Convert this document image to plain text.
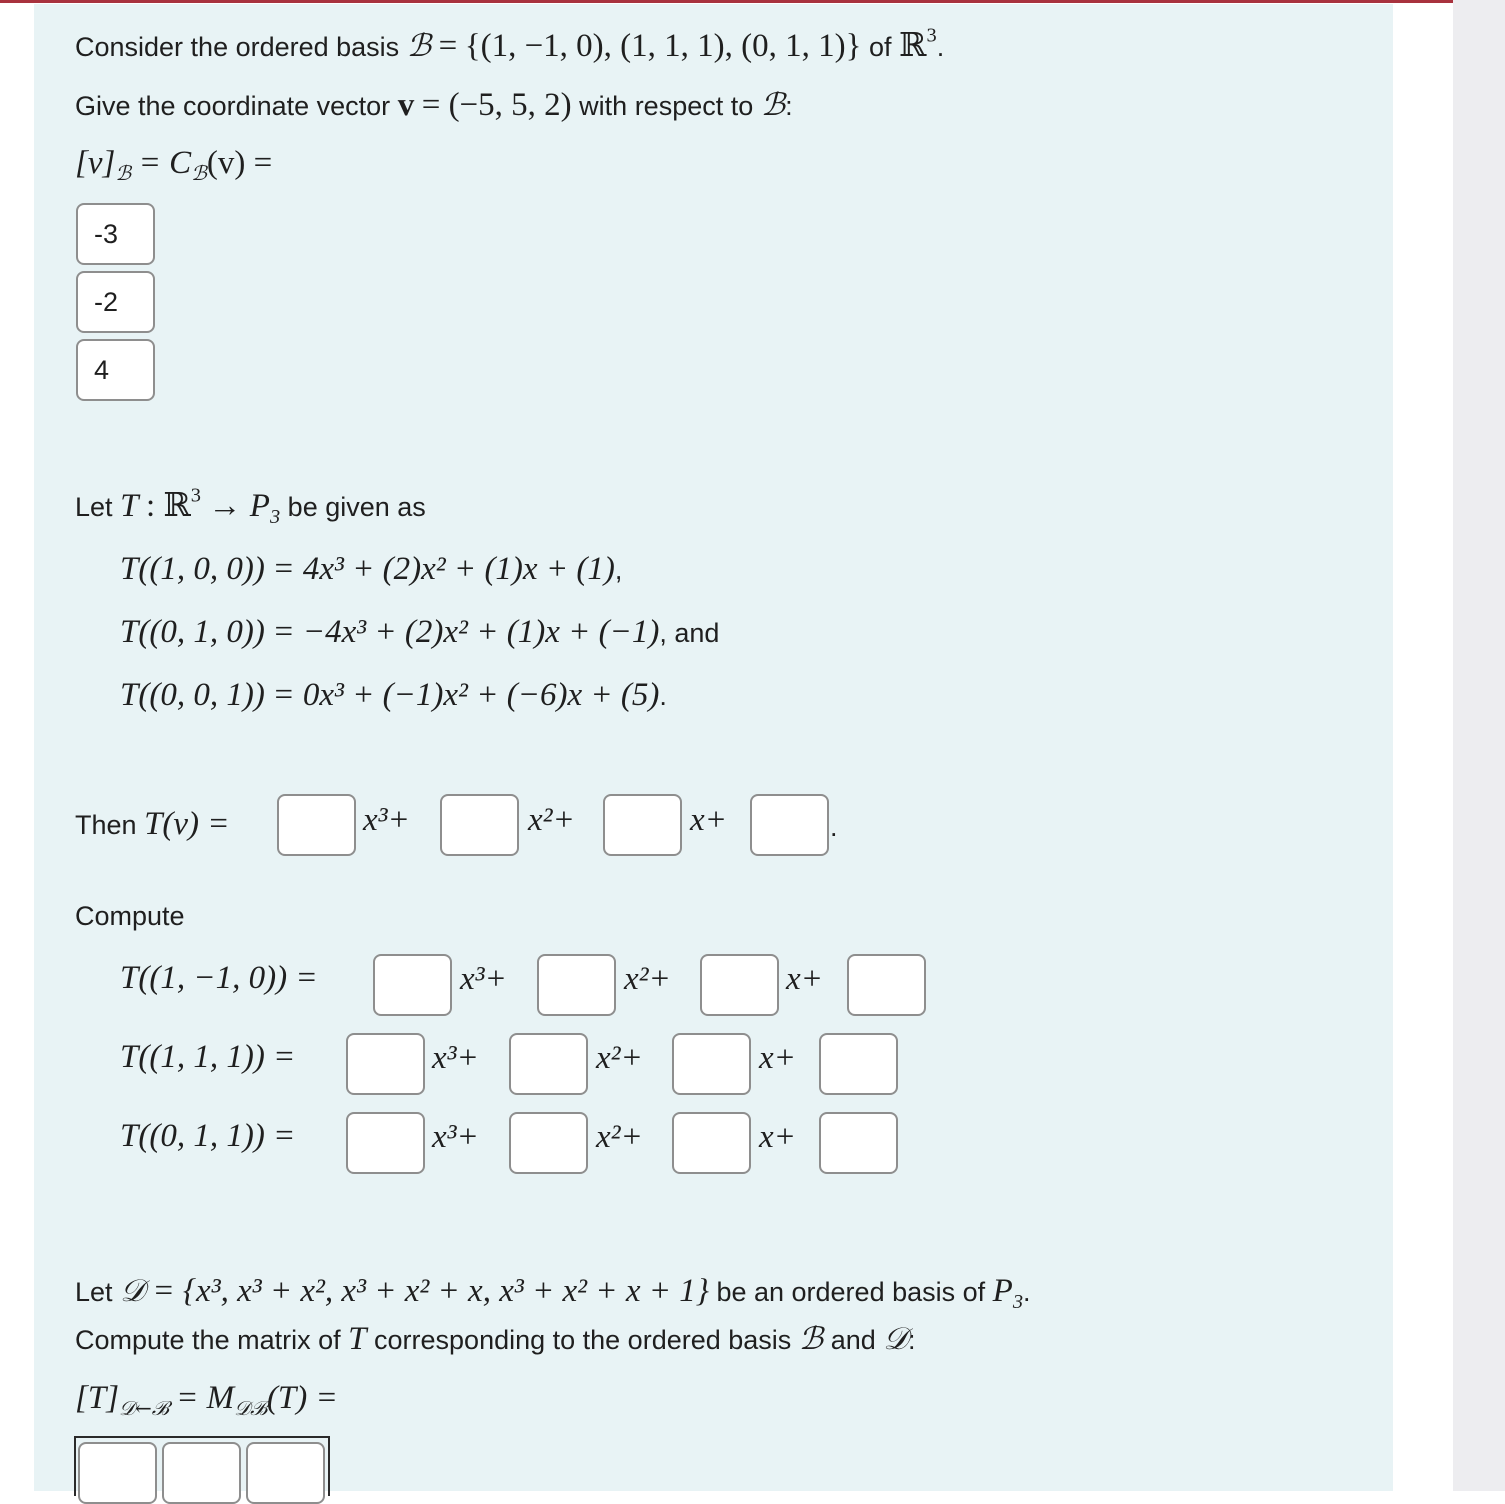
Consider the ordered basis ℬ = {(1, −1, 0), (1, 1, 1), (0, 1, 1)} of ℝ$^3$.
Give the coordinate vector v = (−5, 5, 2) with respect to ℬ:
$[v]_ℬ = C_ℬ(v)$ =
-3
-2
4
Let T : ℝ$^3$ → $P_3$ be given as
T((1, 0, 0)) = 4x³ + (2)x² + (1)x + (1),
T((0, 1, 0)) = −4x³ + (2)x² + (1)x + (−1), and
T((0, 0, 1)) = 0x³ + (−1)x² + (−6)x + (5).
Then T(v) =	x³+	x²+	x+	.
Compute
T((1, −1, 0)) =	x³+	x²+	x+
T((1, 1, 1)) =	x³+	x²+	x+
T((0, 1, 1)) =	x³+	x²+	x+
Let 𝒟 = {x³, x³ + x², x³ + x² + x, x³ + x² + x + 1} be an ordered basis of $P_3$.
Compute the matrix of T corresponding to the ordered basis ℬ and 𝒟:
$[T]_{𝒟\leftarrow ℬ} = M_{𝒟ℬ}(T)$ =
